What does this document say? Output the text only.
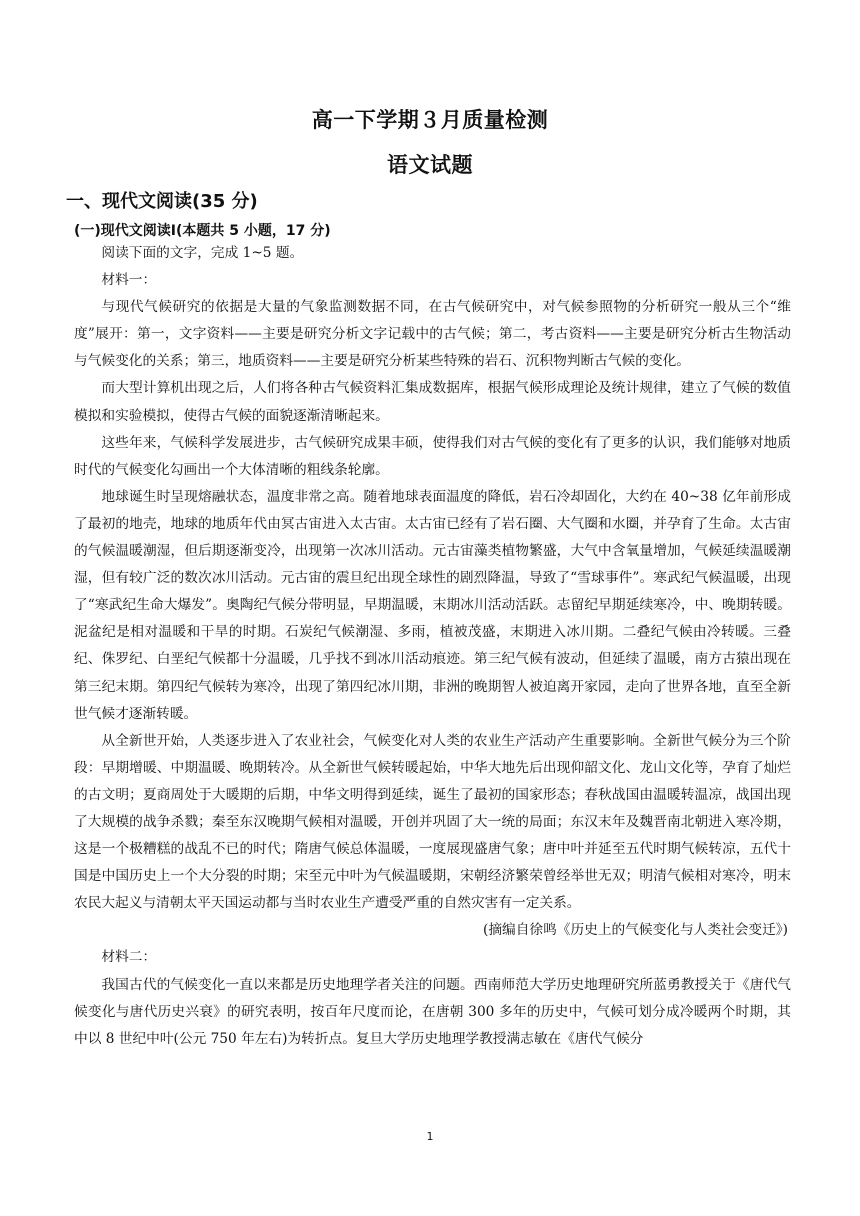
高一下学期３月质量检测
语文试题
一、现代文阅读(35 分)
(一)现代文阅读Ⅰ(本题共 5 小题，17 分)

阅读下面的文字，完成 1~5 题。

材料一：

与现代气候研究的依据是大量的气象监测数据不同，在古气候研究中，对气候参照物的分析研究一般从三个“维度”展开：第一，文字资料——主要是研究分析文字记载中的古气候；第二，考古资料——主要是研究分析古生物活动与气候变化的关系；第三，地质资料——主要是研究分析某些特殊的岩石、沉积物判断古气候的变化。

而大型计算机出现之后，人们将各种古气候资料汇集成数据库，根据气候形成理论及统计规律，建立了气候的数值模拟和实验模拟，使得古气候的面貌逐渐清晰起来。

这些年来，气候科学发展进步，古气候研究成果丰硕，使得我们对古气候的变化有了更多的认识，我们能够对地质时代的气候变化勾画出一个大体清晰的粗线条轮廓。

地球诞生时呈现熔融状态，温度非常之高。随着地球表面温度的降低，岩石冷却固化，大约在 40~38 亿年前形成了最初的地壳，地球的地质年代由冥古宙进入太古宙。太古宙已经有了岩石圈、大气圈和水圈，并孕育了生命。太古宙的气候温暖潮湿，但后期逐渐变冷，出现第一次冰川活动。元古宙藻类植物繁盛，大气中含氧量增加，气候延续温暖潮湿，但有较广泛的数次冰川活动。元古宙的震旦纪出现全球性的剧烈降温，导致了“雪球事件”。寒武纪气候温暖，出现了“寒武纪生命大爆发”。奥陶纪气候分带明显，早期温暖，末期冰川活动活跃。志留纪早期延续寒冷，中、晚期转暖。泥盆纪是相对温暖和干旱的时期。石炭纪气候潮湿、多雨，植被茂盛，末期进入冰川期。二叠纪气候由冷转暖。三叠纪、侏罗纪、白垩纪气候都十分温暖，几乎找不到冰川活动痕迹。第三纪气候有波动，但延续了温暖，南方古猿出现在第三纪末期。第四纪气候转为寒冷，出现了第四纪冰川期，非洲的晚期智人被迫离开家园，走向了世界各地，直至全新世气候才逐渐转暖。

从全新世开始，人类逐步进入了农业社会，气候变化对人类的农业生产活动产生重要影响。全新世气候分为三个阶段：早期增暖、中期温暖、晚期转冷。从全新世气候转暖起始，中华大地先后出现仰韶文化、龙山文化等，孕育了灿烂的古文明；夏商周处于大暖期的后期，中华文明得到延续，诞生了最初的国家形态；春秋战国由温暖转温凉，战国出现了大规模的战争杀戮；秦至东汉晚期气候相对温暖，开创并巩固了大一统的局面；东汉末年及魏晋南北朝进入寒冷期，这是一个极糟糕的战乱不已的时代；隋唐气候总体温暖，一度展现盛唐气象；唐中叶并延至五代时期气候转凉，五代十国是中国历史上一个大分裂的时期；宋至元中叶为气候温暖期，宋朝经济繁荣曾经举世无双；明清气候相对寒冷，明末农民大起义与清朝太平天国运动都与当时农业生产遭受严重的自然灾害有一定关系。

(摘编自徐鸣《历史上的气候变化与人类社会变迁》)

材料二：

我国古代的气候变化一直以来都是历史地理学者关注的问题。西南师范大学历史地理研究所蓝勇教授关于《唐代气候变化与唐代历史兴衰》的研究表明，按百年尺度而论，在唐朝 300 多年的历史中，气候可划分成冷暖两个时期，其中以 8 世纪中叶(公元 750 年左右)为转折点。复旦大学历史地理学教授满志敏在《唐代气候分

1
